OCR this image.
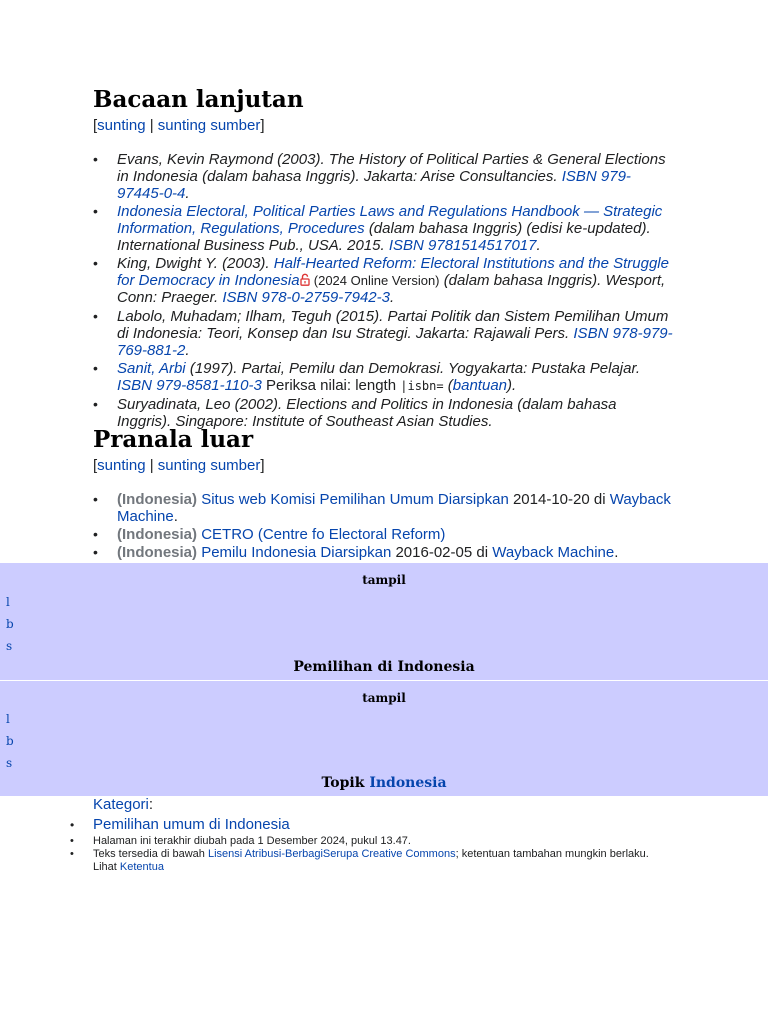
Bacaan lanjutan
[sunting | sunting sumber]
• Evans, Kevin Raymond (2003). The History of Political Parties & General Elections in Indonesia (dalam bahasa Inggris). Jakarta: Arise Consultancies. ISBN 979-97445-0-4.
• Indonesia Electoral, Political Parties Laws and Regulations Handbook — Strategic Information, Regulations, Procedures (dalam bahasa Inggris) (edisi ke-updated). International Business Pub., USA. 2015. ISBN 9781514517017.
• King, Dwight Y. (2003). Half-Hearted Reform: Electoral Institutions and the Struggle for Democracy in Indonesia (2024 Online Version) (dalam bahasa Inggris). Wesport, Conn: Praeger. ISBN 978-0-2759-7942-3.
• Labolo, Muhadam; Ilham, Teguh (2015). Partai Politik dan Sistem Pemilihan Umum di Indonesia: Teori, Konsep dan Isu Strategi. Jakarta: Rajawali Pers. ISBN 978-979-769-881-2.
• Sanit, Arbi (1997). Partai, Pemilu dan Demokrasi. Yogyakarta: Pustaka Pelajar. ISBN 979-8581-110-3 Periksa nilai: length |isbn= (bantuan).
• Suryadinata, Leo (2002). Elections and Politics in Indonesia (dalam bahasa Inggris). Singapore: Institute of Southeast Asian Studies.
Pranala luar
[sunting | sunting sumber]
• (Indonesia) Situs web Komisi Pemilihan Umum Diarsipkan 2014-10-20 di Wayback Machine.
• (Indonesia) CETRO (Centre fo Electoral Reform)
• (Indonesia) Pemilu Indonesia Diarsipkan 2016-02-05 di Wayback Machine.
tampil
l
b
s
Pemilihan di Indonesia
tampil
l
b
s
Topik Indonesia
Kategori:
• Pemilihan umum di Indonesia
• Halaman ini terakhir diubah pada 1 Desember 2024, pukul 13.47.
• Teks tersedia di bawah Lisensi Atribusi-BerbagiSerupa Creative Commons; ketentuan tambahan mungkin berlaku. Lihat Ketentua
